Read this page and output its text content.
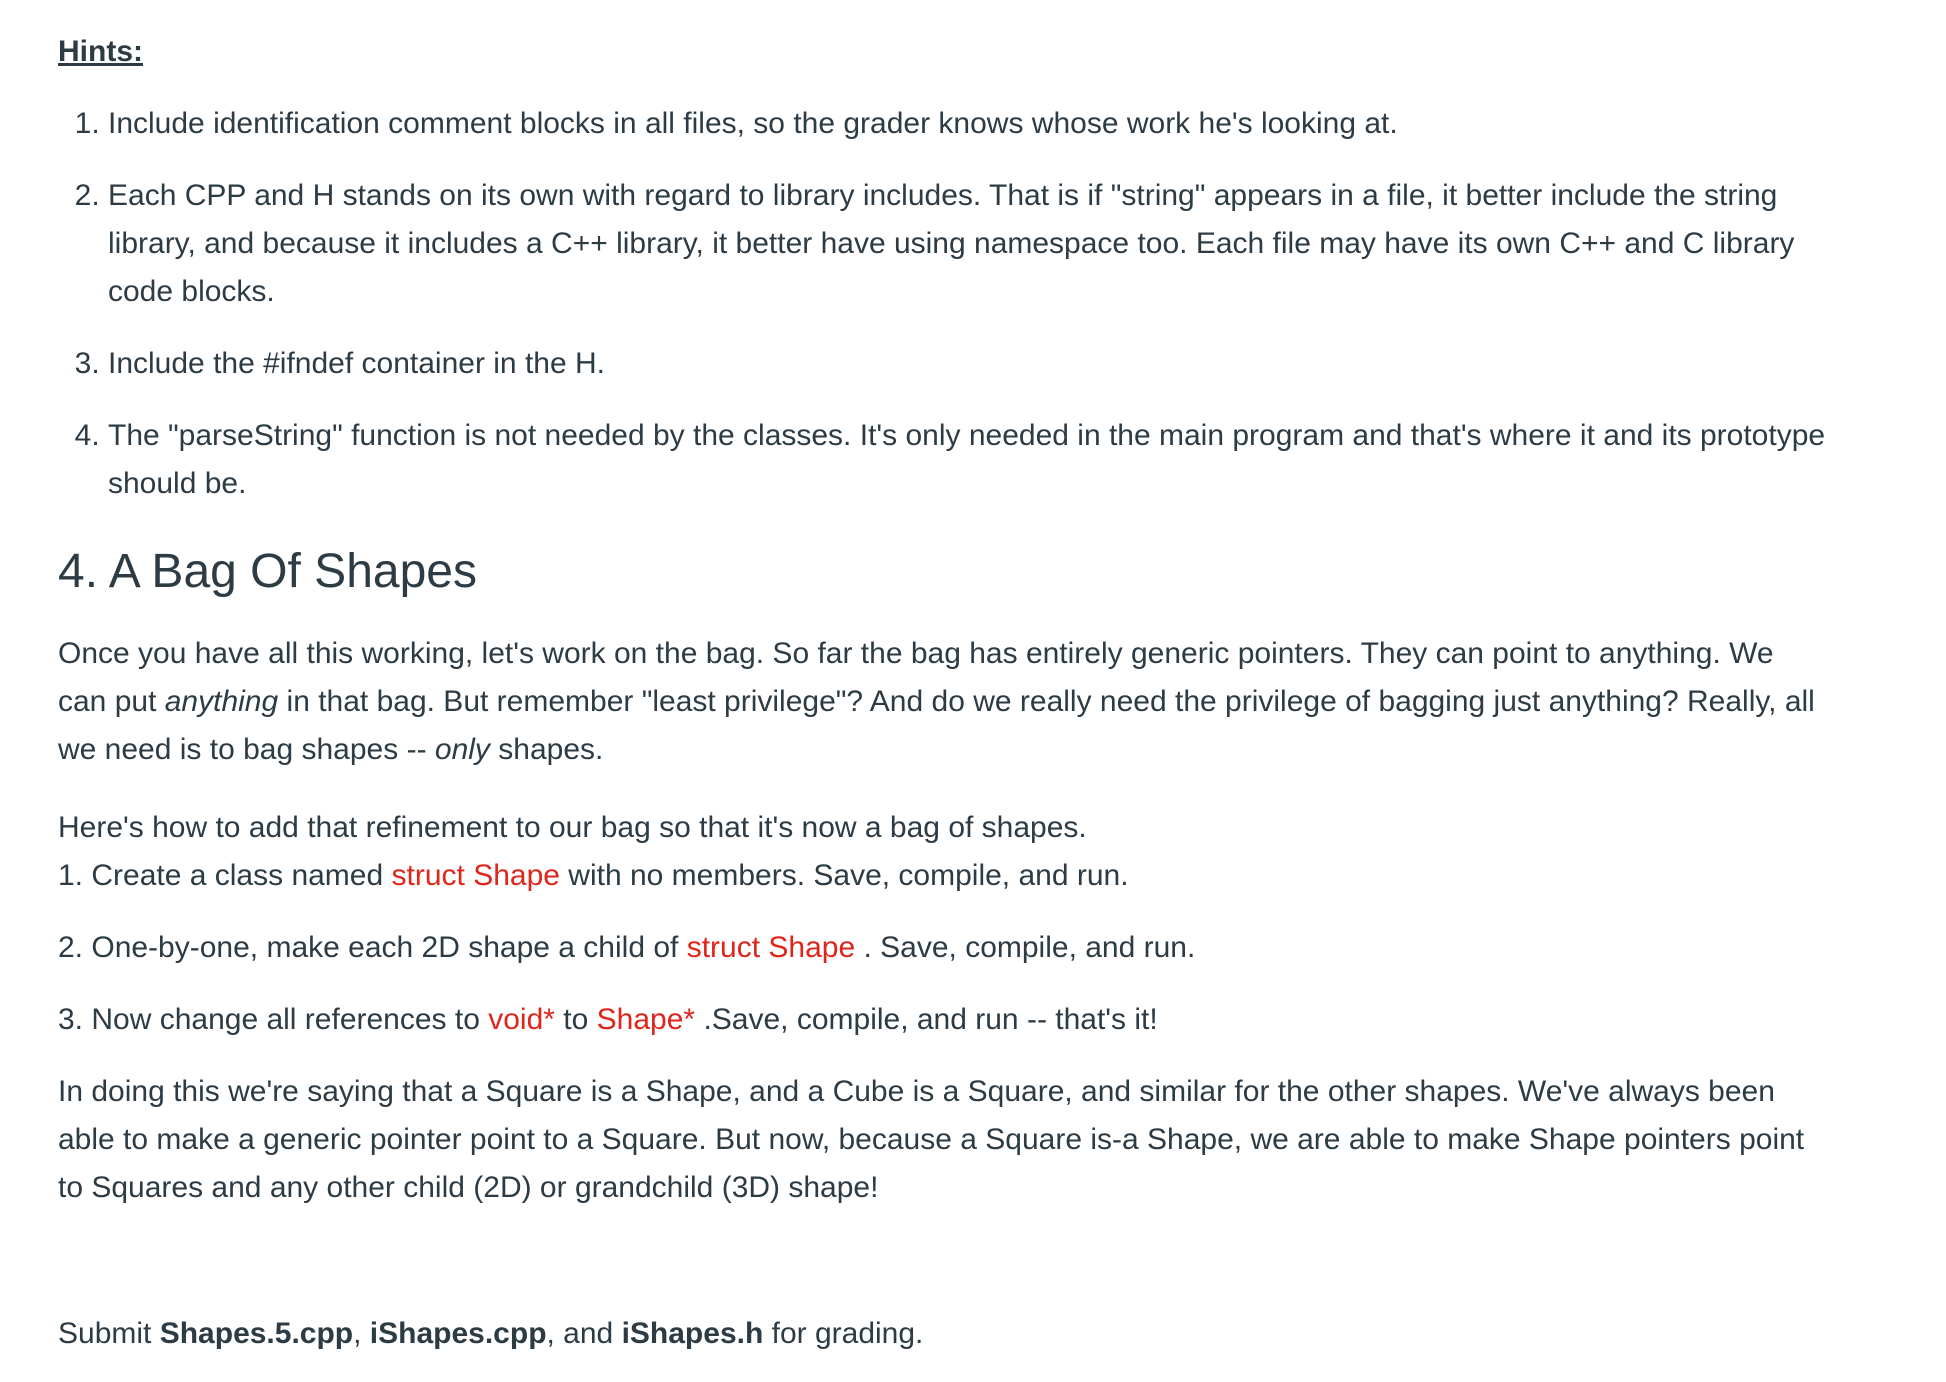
Hints:
1. Include identification comment blocks in all files, so the grader knows whose work he's looking at.
2. Each CPP and H stands on its own with regard to library includes. That is if "string" appears in a file, it better include the string library, and because it includes a C++ library, it better have using namespace too. Each file may have its own C++ and C library code blocks.
3. Include the #ifndef container in the H.
4. The "parseString" function is not needed by the classes. It's only needed in the main program and that's where it and its prototype should be.
4. A Bag Of Shapes

Once you have all this working, let's work on the bag. So far the bag has entirely generic pointers. They can point to anything. We can put anything in that bag. But remember "least privilege"? And do we really need the privilege of bagging just anything? Really, all we need is to bag shapes -- only shapes.

Here's how to add that refinement to our bag so that it's now a bag of shapes.
1. Create a class named struct Shape with no members. Save, compile, and run.

2. One-by-one, make each 2D shape a child of struct Shape . Save, compile, and run.

3. Now change all references to void* to Shape* .Save, compile, and run -- that's it!

In doing this we're saying that a Square is a Shape, and a Cube is a Square, and similar for the other shapes. We've always been able to make a generic pointer point to a Square. But now, because a Square is-a Shape, we are able to make Shape pointers point to Squares and any other child (2D) or grandchild (3D) shape!

Submit Shapes.5.cpp, iShapes.cpp, and iShapes.h for grading.
